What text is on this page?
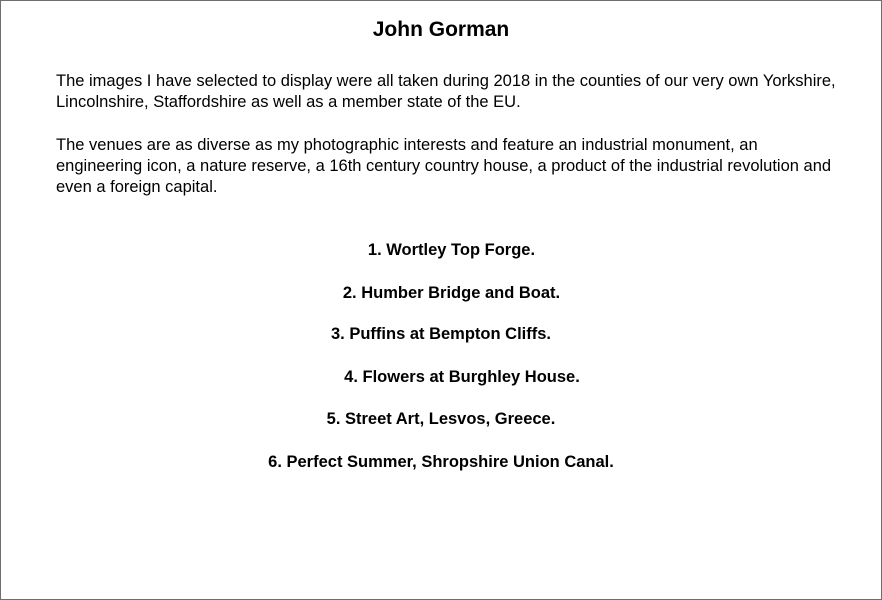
John Gorman

The images I have selected to display were all taken during 2018 in the counties of our very own Yorkshire, Lincolnshire, Staffordshire as well as a member state of the EU.

The venues are as diverse as my photographic interests and feature an industrial monument, an engineering icon, a nature reserve, a 16th century country house, a product of the industrial revolution and even a foreign capital.

1. Wortley Top Forge.
2. Humber Bridge and Boat.
3. Puffins at Bempton Cliffs.
4. Flowers at Burghley House.
5. Street Art, Lesvos, Greece.
6. Perfect Summer, Shropshire Union Canal.
